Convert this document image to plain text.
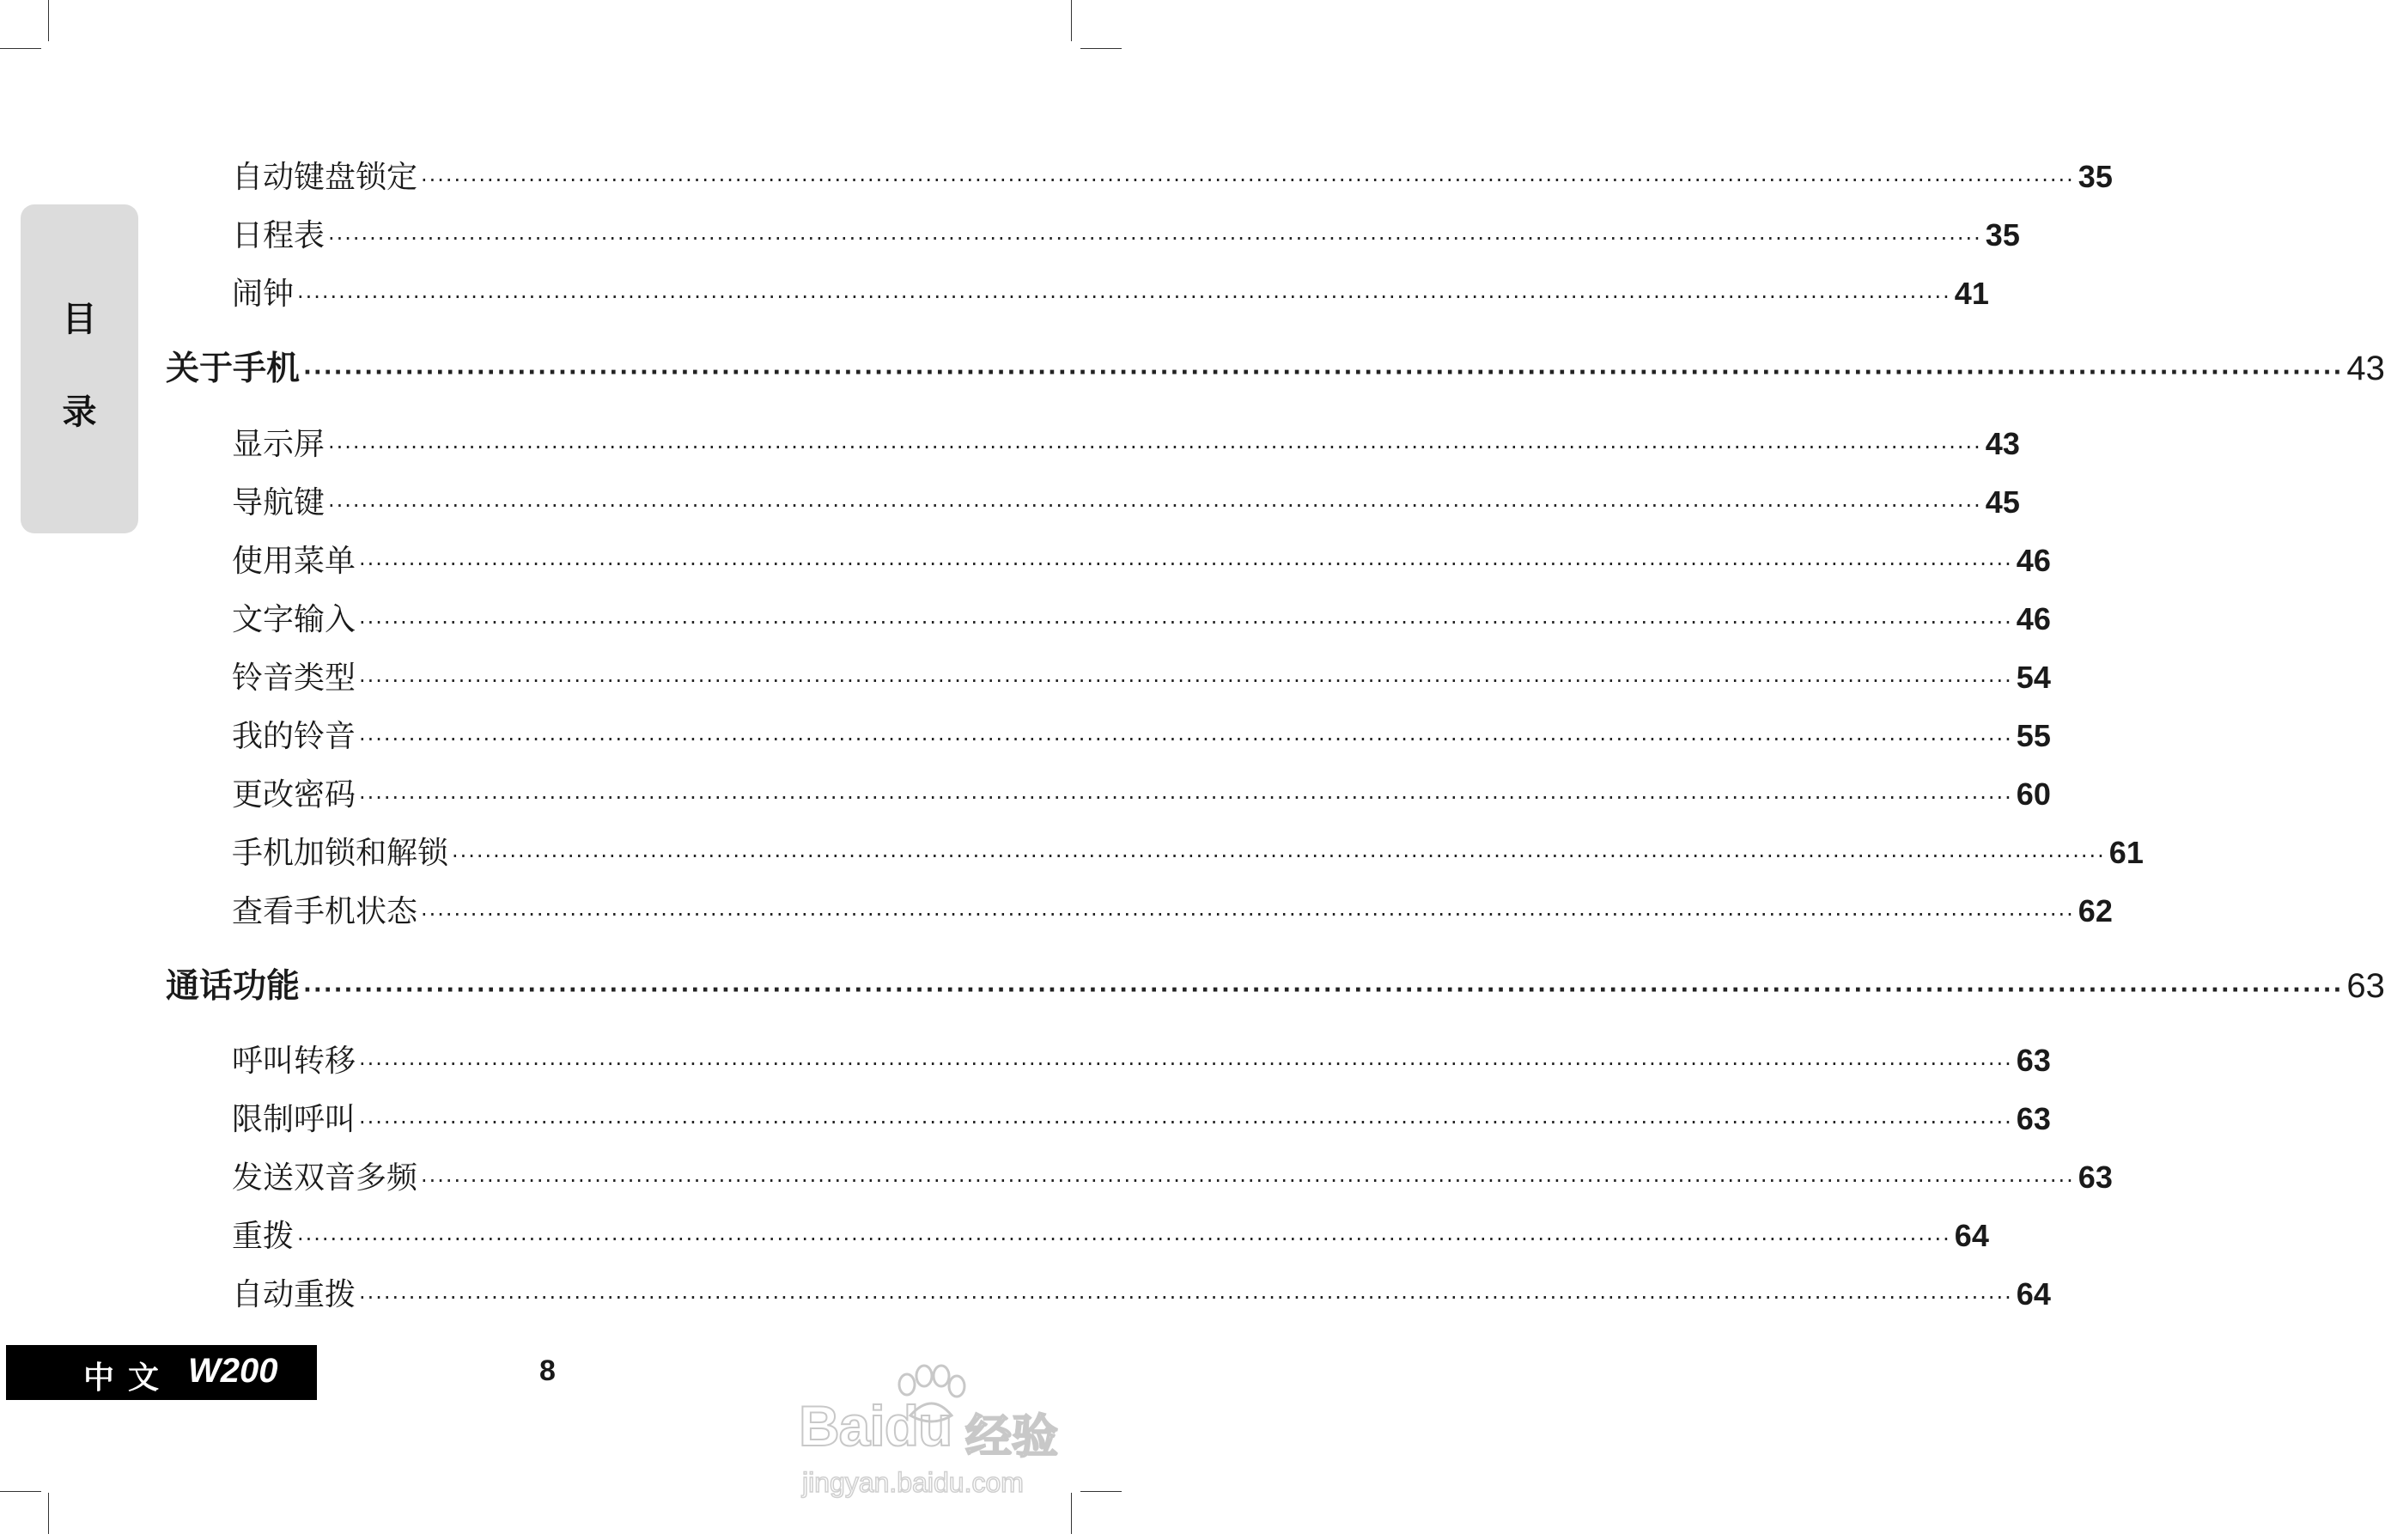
目
录
自动键盘锁定 ········································································································································································································ 35
日程表 ········································································································································································································ 35
闹钟 ········································································································································································································ 41
关于手机 ········································································································································································································ 43
显示屏 ········································································································································································································ 43
导航键 ········································································································································································································ 45
使用菜单 ········································································································································································································ 46
文字输入 ········································································································································································································ 46
铃音类型 ········································································································································································································ 54
我的铃音 ········································································································································································································ 55
更改密码 ········································································································································································································ 60
手机加锁和解锁 ········································································································································································································ 61
查看手机状态 ········································································································································································································ 62
通话功能 ········································································································································································································ 63
呼叫转移 ········································································································································································································ 63
限制呼叫 ········································································································································································································ 63
发送双音多频 ········································································································································································································ 63
重拨 ········································································································································································································ 64
自动重拨 ········································································································································································································ 64
中文 W200	8
Baidu 经验
jingyan.baidu.com
